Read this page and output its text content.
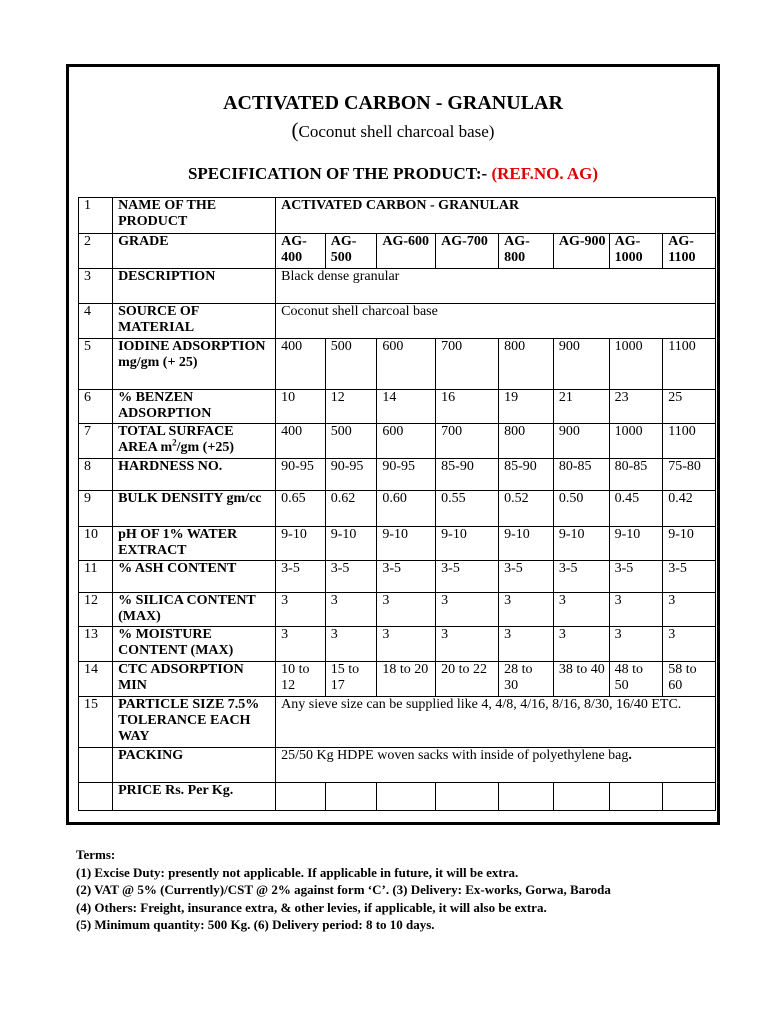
ACTIVATED CARBON - GRANULAR
(Coconut shell charcoal base)
SPECIFICATION OF THE PRODUCT:- (REF.NO. AG)
1	NAME OF THE PRODUCT	ACTIVATED CARBON - GRANULAR							
2	GRADE	AG-400	AG-500	AG-600	AG-700	AG-800	AG-900	AG-1000	AG-1100
3	DESCRIPTION	Black dense granular							
4	SOURCE OF MATERIAL	Coconut shell charcoal base							
5	IODINE ADSORPTION mg/gm (+ 25)	400	500	600	700	800	900	1000	1100
6	% BENZEN ADSORPTION	10	12	14	16	19	21	23	25
7	TOTAL SURFACE AREA $m^2/gm$ (+25)	400	500	600	700	800	900	1000	1100
8	HARDNESS NO.	90-95	90-95	90-95	85-90	85-90	80-85	80-85	75-80
9	BULK DENSITY gm/cc	0.65	0.62	0.60	0.55	0.52	0.50	0.45	0.42
10	pH OF 1% WATER EXTRACT	9-10	9-10	9-10	9-10	9-10	9-10	9-10	9-10
11	% ASH CONTENT	3-5	3-5	3-5	3-5	3-5	3-5	3-5	3-5
12	% SILICA CONTENT (MAX)	3	3	3	3	3	3	3	3
13	% MOISTURE CONTENT (MAX)	3	3	3	3	3	3	3	3
14	CTC ADSORPTION MIN	10 to 12	15 to 17	18 to 20	20 to 22	28 to 30	38 to 40	48 to 50	58 to 60
15	PARTICLE SIZE 7.5% TOLERANCE EACH WAY	Any sieve size can be supplied like 4, 4/8, 4/16, 8/16, 8/30, 16/40 ETC.							
	PACKING	25/50 Kg HDPE woven sacks with inside of polyethylene bag.							
	PRICE Rs. Per Kg.								
Terms:
(1) Excise Duty: presently not applicable. If applicable in future, it will be extra.
(2) VAT @ 5% (Currently)/CST @ 2% against form ‘C’. (3) Delivery: Ex-works, Gorwa, Baroda
(4) Others: Freight, insurance extra, & other levies, if applicable, it will also be extra.
(5) Minimum quantity: 500 Kg. (6) Delivery period: 8 to 10 days.
